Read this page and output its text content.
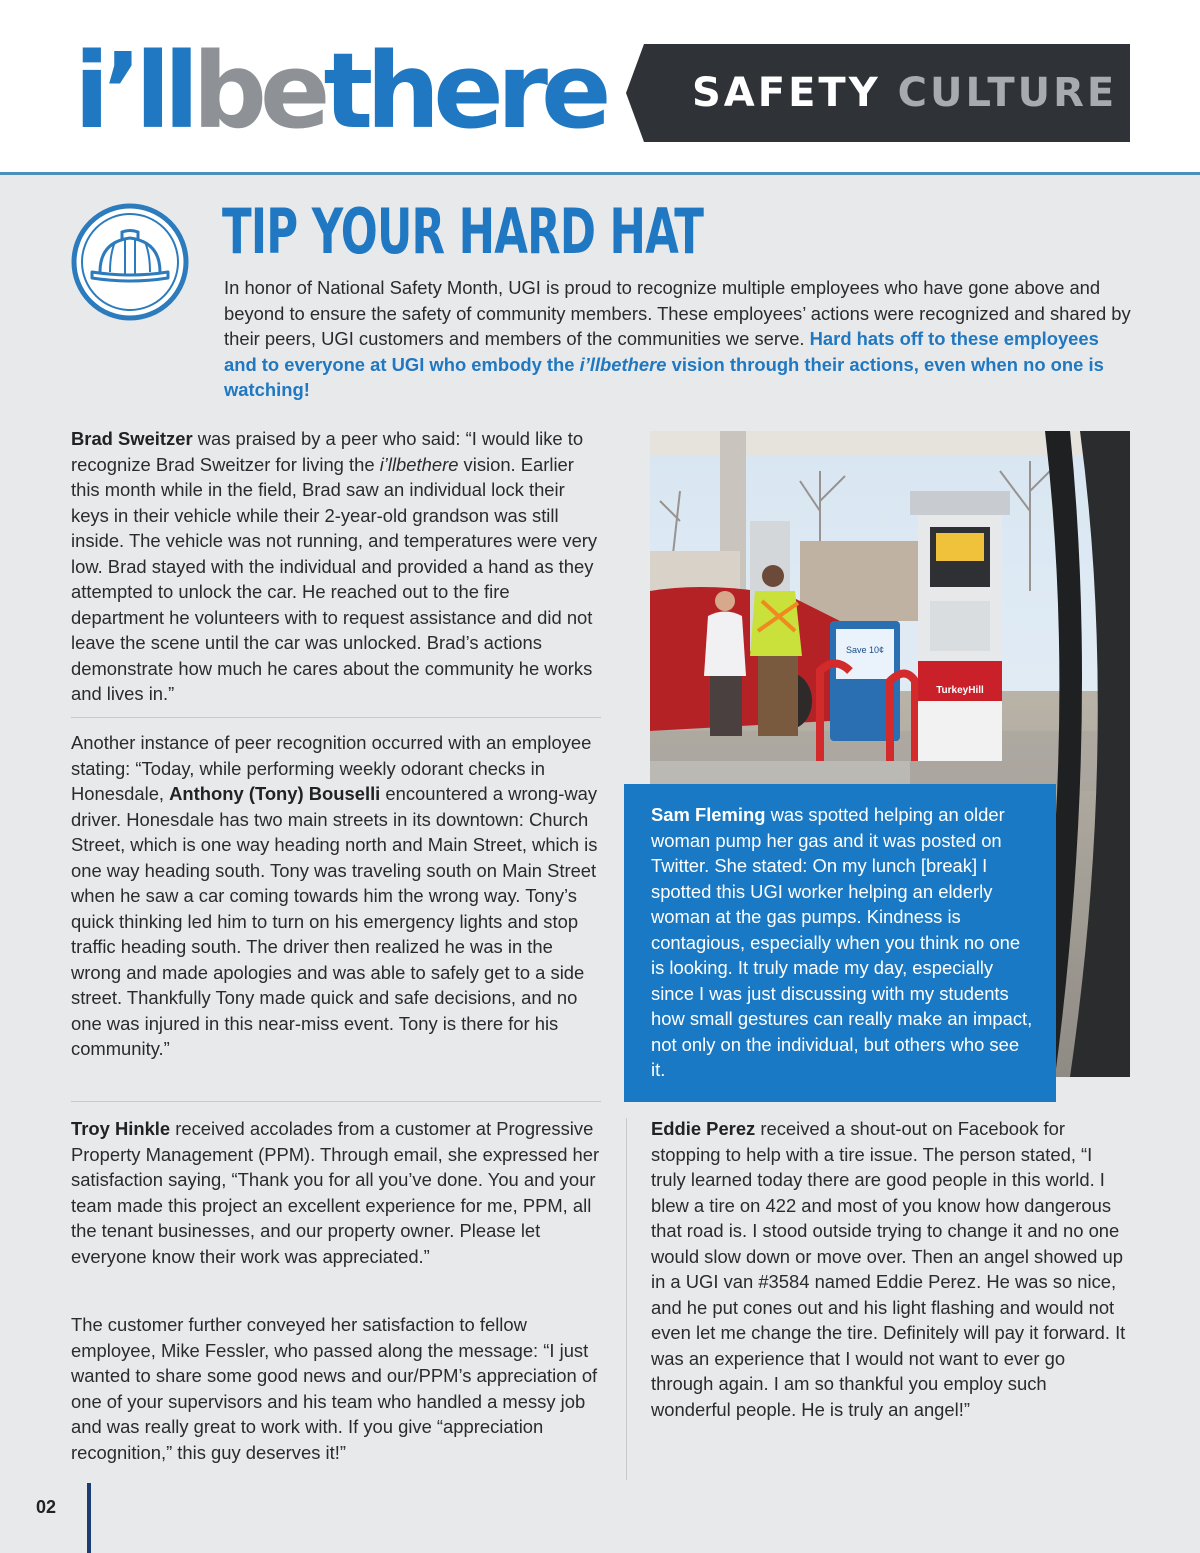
i’llbethere SAFETY CULTURE
TIP YOUR HARD HAT
In honor of National Safety Month, UGI is proud to recognize multiple employees who have gone above and beyond to ensure the safety of community members. These employees’ actions were recognized and shared by their peers, UGI customers and members of the communities we serve. Hard hats off to these employees and to everyone at UGI who embody the i’llbethere vision through their actions, even when no one is watching!
Brad Sweitzer was praised by a peer who said: “I would like to recognize Brad Sweitzer for living the i’llbethere vision. Earlier this month while in the field, Brad saw an individual lock their keys in their vehicle while their 2-year-old grandson was still inside. The vehicle was not running, and temperatures were very low. Brad stayed with the individual and provided a hand as they attempted to unlock the car. He reached out to the fire department he volunteers with to request assistance and did not leave the scene until the car was unlocked. Brad’s actions demonstrate how much he cares about the community he works and lives in.”
Another instance of peer recognition occurred with an employee stating: “Today, while performing weekly odorant checks in Honesdale, Anthony (Tony) Bouselli encountered a wrong-way driver. Honesdale has two main streets in its downtown: Church Street, which is one way heading north and Main Street, which is one way heading south. Tony was traveling south on Main Street when he saw a car coming towards him the wrong way. Tony’s quick thinking led him to turn on his emergency lights and stop traffic heading south. The driver then realized he was in the wrong and made apologies and was able to safely get to a side street. Thankfully Tony made quick and safe decisions, and no one was injured in this near-miss event. Tony is there for his community.”
Troy Hinkle received accolades from a customer at Progressive Property Management (PPM). Through email, she expressed her satisfaction saying, “Thank you for all you’ve done. You and your team made this project an excellent experience for me, PPM, all the tenant businesses, and our property owner. Please let everyone know their work was appreciated.”
The customer further conveyed her satisfaction to fellow employee, Mike Fessler, who passed along the message: “I just wanted to share some good news and our/PPM’s appreciation of one of your supervisors and his team who handled a messy job and was really great to work with. If you give “appreciation recognition,” this guy deserves it!”
Save 10¢
TurkeyHill
Sam Fleming was spotted helping an older woman pump her gas and it was posted on Twitter. She stated: On my lunch [break] I spotted this UGI worker helping an elderly woman at the gas pumps. Kindness is contagious, especially when you think no one is looking. It truly made my day, especially since I was just discussing with my students how small gestures can really make an impact, not only on the individual, but others who see it.
Eddie Perez received a shout-out on Facebook for stopping to help with a tire issue. The person stated, “I truly learned today there are good people in this world. I blew a tire on 422 and most of you know how dangerous that road is. I stood outside trying to change it and no one would slow down or move over. Then an angel showed up in a UGI van #3584 named Eddie Perez. He was so nice, and he put cones out and his light flashing and would not even let me change the tire. Definitely will pay it forward. It was an experience that I would not want to ever go through again. I am so thankful you employ such wonderful people. He is truly an angel!”
02
